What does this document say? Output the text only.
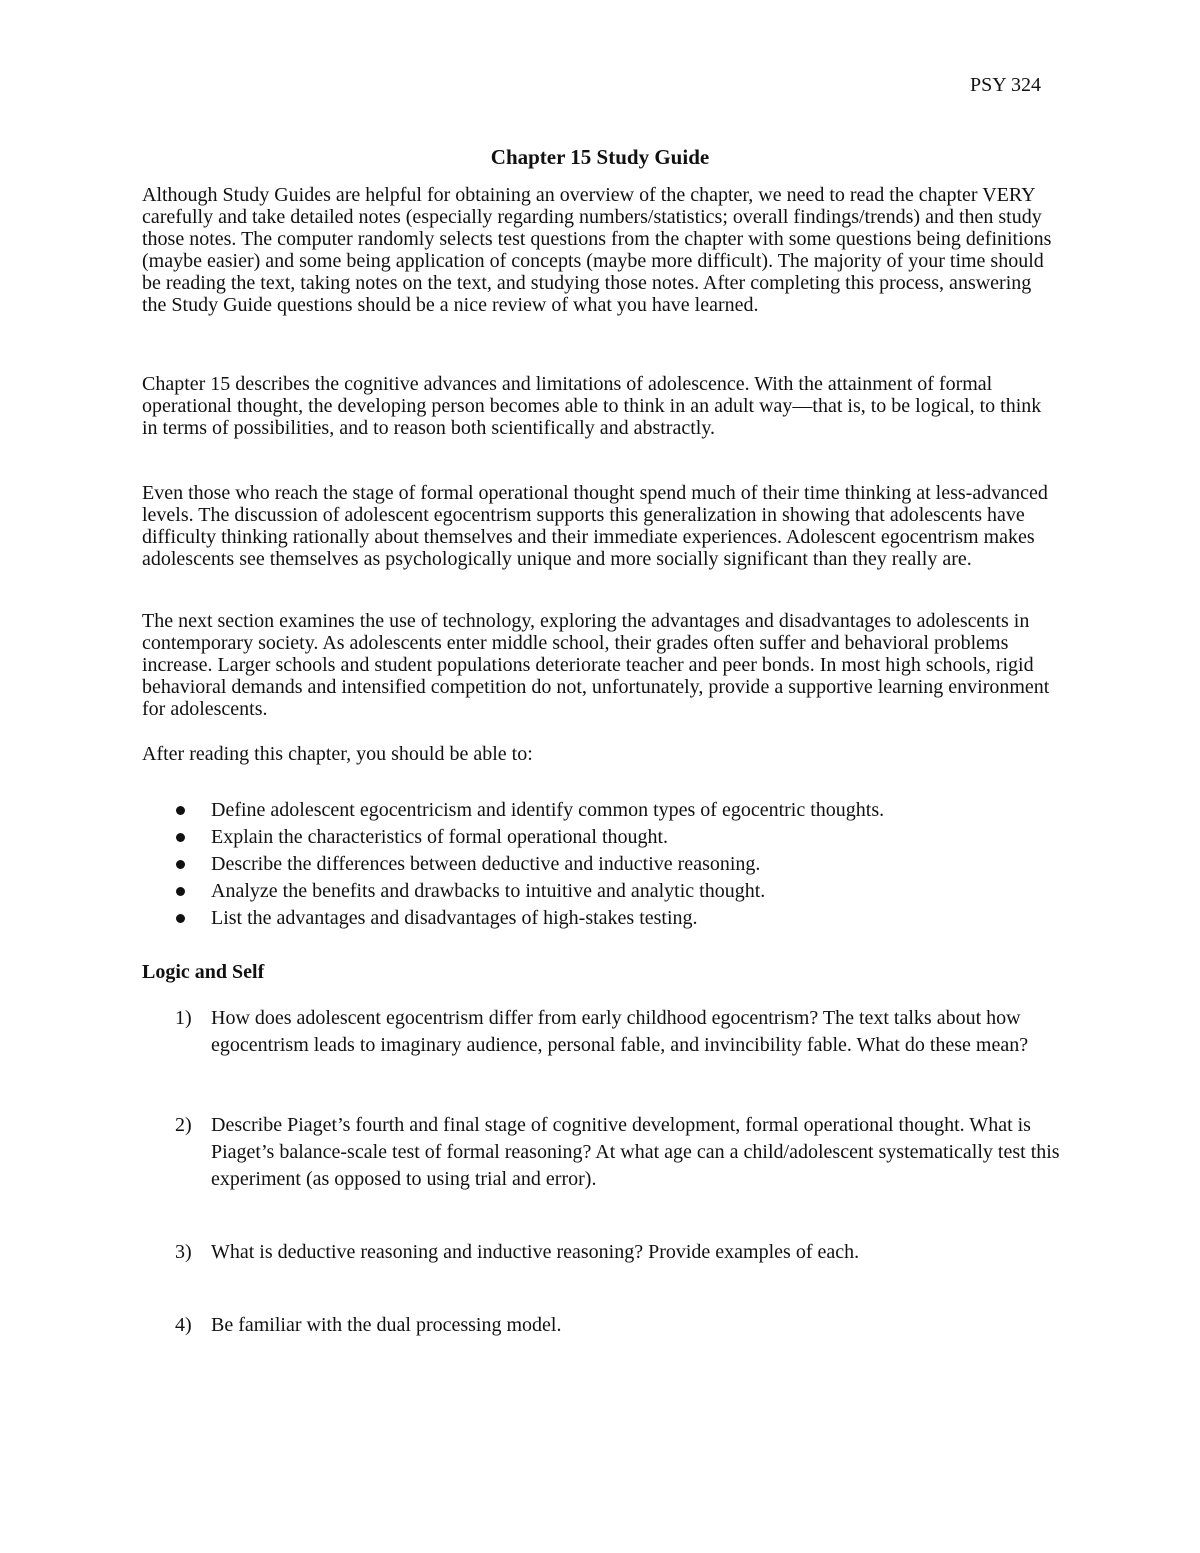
PSY 324
Chapter 15 Study Guide

Although Study Guides are helpful for obtaining an overview of the chapter, we need to read the chapter VERY carefully and take detailed notes (especially regarding numbers/statistics; overall findings/trends) and then study those notes. The computer randomly selects test questions from the chapter with some questions being definitions (maybe easier) and some being application of concepts (maybe more difficult). The majority of your time should be reading the text, taking notes on the text, and studying those notes. After completing this process, answering the Study Guide questions should be a nice review of what you have learned.

Chapter 15 describes the cognitive advances and limitations of adolescence. With the attainment of formal operational thought, the developing person becomes able to think in an adult way—that is, to be logical, to think in terms of possibilities, and to reason both scientifically and abstractly.

Even those who reach the stage of formal operational thought spend much of their time thinking at less-advanced levels. The discussion of adolescent egocentrism supports this generalization in showing that adolescents have difficulty thinking rationally about themselves and their immediate experiences. Adolescent egocentrism makes adolescents see themselves as psychologically unique and more socially significant than they really are.

The next section examines the use of technology, exploring the advantages and disadvantages to adolescents in contemporary society. As adolescents enter middle school, their grades often suffer and behavioral problems increase. Larger schools and student populations deteriorate teacher and peer bonds. In most high schools, rigid behavioral demands and intensified competition do not, unfortunately, provide a supportive learning environment for adolescents.

After reading this chapter, you should be able to:

Define adolescent egocentricism and identify common types of egocentric thoughts.
Explain the characteristics of formal operational thought.
Describe the differences between deductive and inductive reasoning.
Analyze the benefits and drawbacks to intuitive and analytic thought.
List the advantages and disadvantages of high-stakes testing.
Logic and Self
1) How does adolescent egocentrism differ from early childhood egocentrism? The text talks about how egocentrism leads to imaginary audience, personal fable, and invincibility fable. What do these mean?
2) Describe Piaget’s fourth and final stage of cognitive development, formal operational thought. What is Piaget’s balance-scale test of formal reasoning? At what age can a child/adolescent systematically test this experiment (as opposed to using trial and error).
3) What is deductive reasoning and inductive reasoning? Provide examples of each.
4) Be familiar with the dual processing model.
